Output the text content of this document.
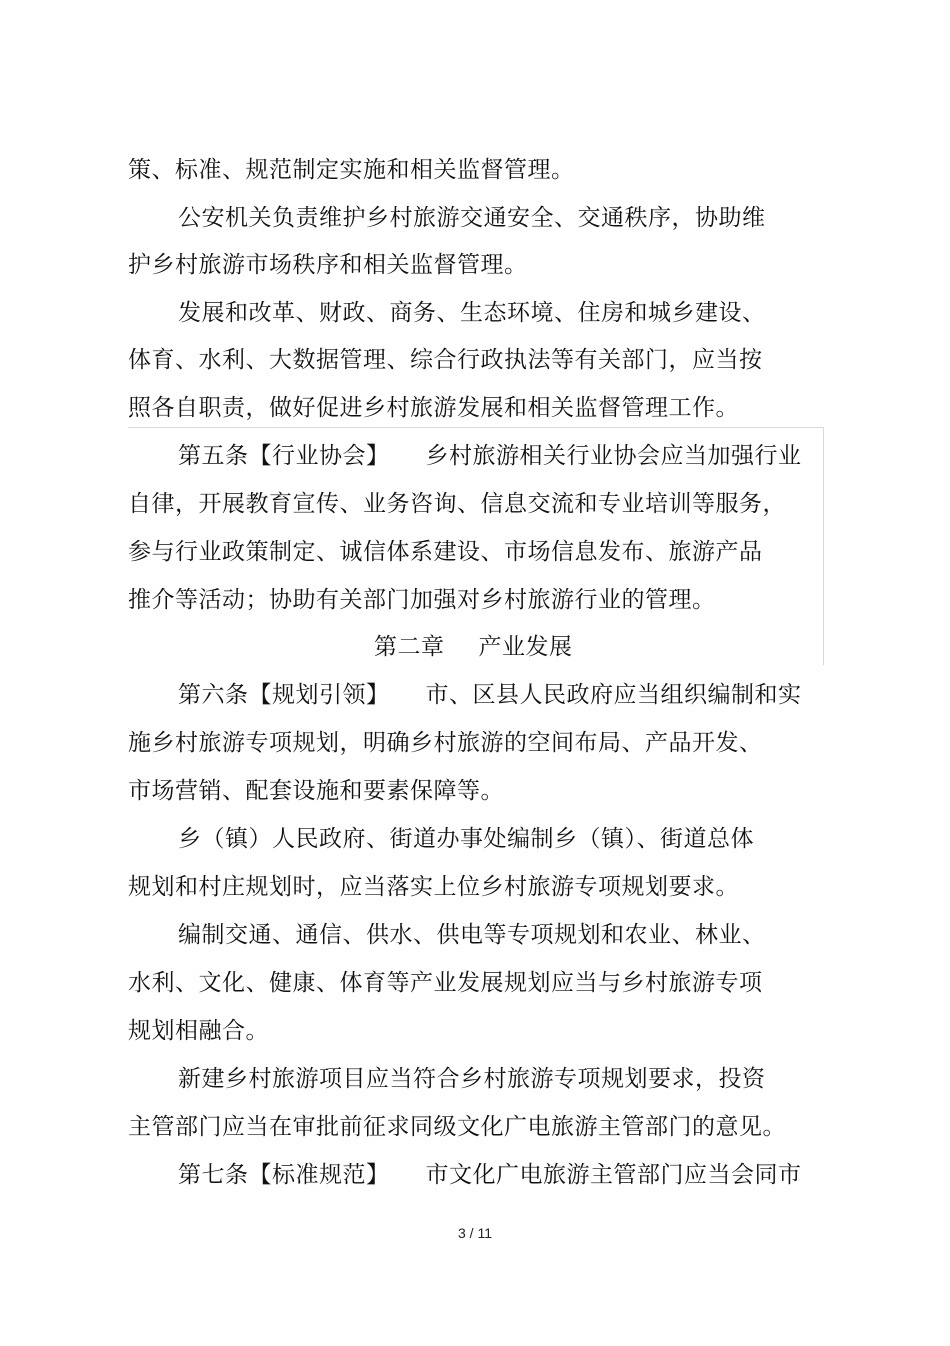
策、标准、规范制定实施和相关监督管理。
公安机关负责维护乡村旅游交通安全、交通秩序，协助维
护乡村旅游市场秩序和相关监督管理。
发展和改革、财政、商务、生态环境、住房和城乡建设、
体育、水利、大数据管理、综合行政执法等有关部门，应当按
照各自职责，做好促进乡村旅游发展和相关监督管理工作。
第五条【行业协会】 乡村旅游相关行业协会应当加强行业
自律，开展教育宣传、业务咨询、信息交流和专业培训等服务，
参与行业政策制定、诚信体系建设、市场信息发布、旅游产品
推介等活动；协助有关部门加强对乡村旅游行业的管理。
第二章 产业发展
第六条【规划引领】 市、区县人民政府应当组织编制和实
施乡村旅游专项规划，明确乡村旅游的空间布局、产品开发、
市场营销、配套设施和要素保障等。
乡（镇）人民政府、街道办事处编制乡（镇）、街道总体
规划和村庄规划时，应当落实上位乡村旅游专项规划要求。
编制交通、通信、供水、供电等专项规划和农业、林业、
水利、文化、健康、体育等产业发展规划应当与乡村旅游专项
规划相融合。
新建乡村旅游项目应当符合乡村旅游专项规划要求，投资
主管部门应当在审批前征求同级文化广电旅游主管部门的意见。
第七条【标准规范】 市文化广电旅游主管部门应当会同市
3 / 11
